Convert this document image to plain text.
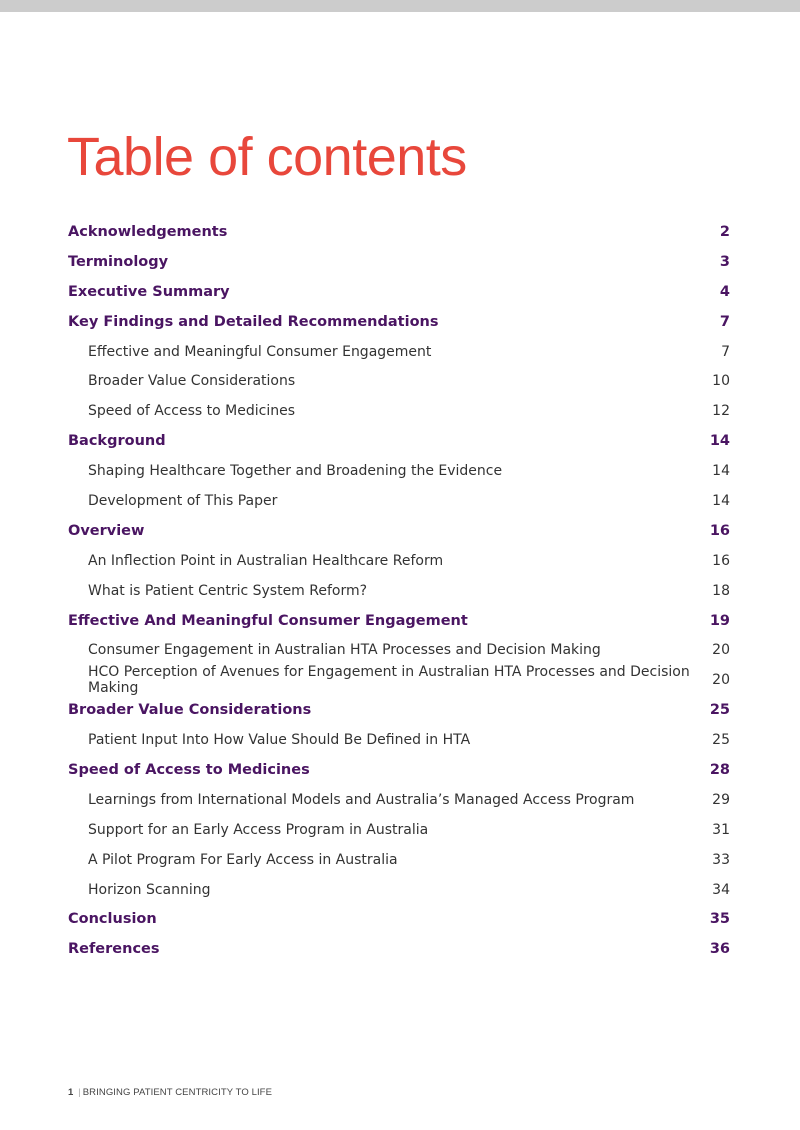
Table of contents
Acknowledgements	2
Terminology	3
Executive Summary	4
Key Findings and Detailed Recommendations	7
Effective and Meaningful Consumer Engagement	7
Broader Value Considerations	10
Speed of Access to Medicines	12
Background	14
Shaping Healthcare Together and Broadening the Evidence	14
Development of This Paper	14
Overview	16
An Inflection Point in Australian Healthcare Reform	16
What is Patient Centric System Reform?	18
Effective And Meaningful Consumer Engagement	19
Consumer Engagement in Australian HTA Processes and Decision Making	20
HCO Perception of Avenues for Engagement in Australian HTA Processes and Decision Making
20
Broader Value Considerations	25
Patient Input Into How Value Should Be Defined in HTA	25
Speed of Access to Medicines	28
Learnings from International Models and Australia’s Managed Access Program	29
Support for an Early Access Program in Australia	31
A Pilot Program For Early Access in Australia	33
Horizon Scanning	34
Conclusion	35
References	36
1 | BRINGING PATIENT CENTRICITY TO LIFE
